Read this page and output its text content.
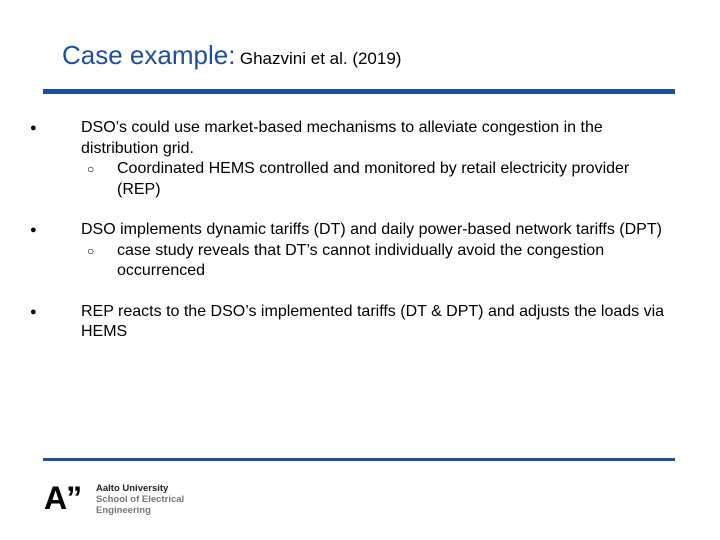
Case example: Ghazvini et al. (2019)
●	DSO’s could use market-based mechanisms to alleviate congestion in the distribution grid.
○ Coordinated HEMS controlled and monitored by retail electricity provider (REP)
●	DSO implements dynamic tariffs (DT) and daily power-based network tariffs (DPT)
○ case study reveals that DT’s cannot individually avoid the congestion occurrenced
●	REP reacts to the DSO’s implemented tariffs (DT & DPT) and adjusts the loads via HEMS
A” Aalto University
School of Electrical
Engineering
